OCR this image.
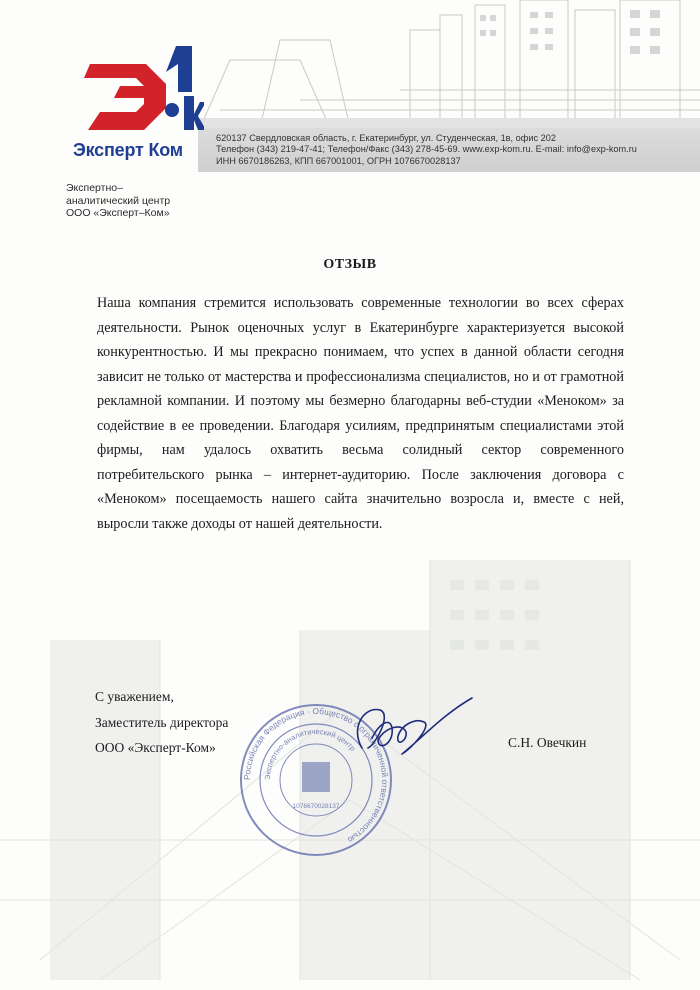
620137 Свердловская область, г. Екатеринбург, ул. Студенческая, 1в, офис 202
Телефон (343) 219-47-41; Телефон/Факс (343) 278-45-69. www.exp-kom.ru. E-mail: info@exp-kom.ru
ИНН 6670186263, КПП 667001001, ОГРН 1076670028137
Эксперт Ком
Экспертно–
аналитический центр
ООО «Эксперт–Ком»
ОТЗЫВ

Наша компания стремится использовать современные технологии во всех сферах деятельности. Рынок оценочных услуг в Екатеринбурге характеризуется высокой конкурентностью. И мы прекрасно понимаем, что успех в данной области сегодня зависит не только от мастерства и профессионализма специалистов, но и от грамотной рекламной компании. И поэтому мы безмерно благодарны веб-студии «Меноком» за содействие в ее проведении. Благодаря усилиям, предпринятым специалистами этой фирмы, нам удалось охватить весьма солидный сектор современного потребительского рынка – интернет-аудиторию. После заключения договора с «Меноком» посещаемость нашего сайта значительно возросла и, вместе с ней, выросли также доходы от нашей деятельности.

С уважением,
Заместитель директора
ООО «Эксперт-Ком»
Российская Федерация · Общество с ограниченной ответственностью
Экспертно-аналитический центр
1076670028137
С.Н. Овечкин
